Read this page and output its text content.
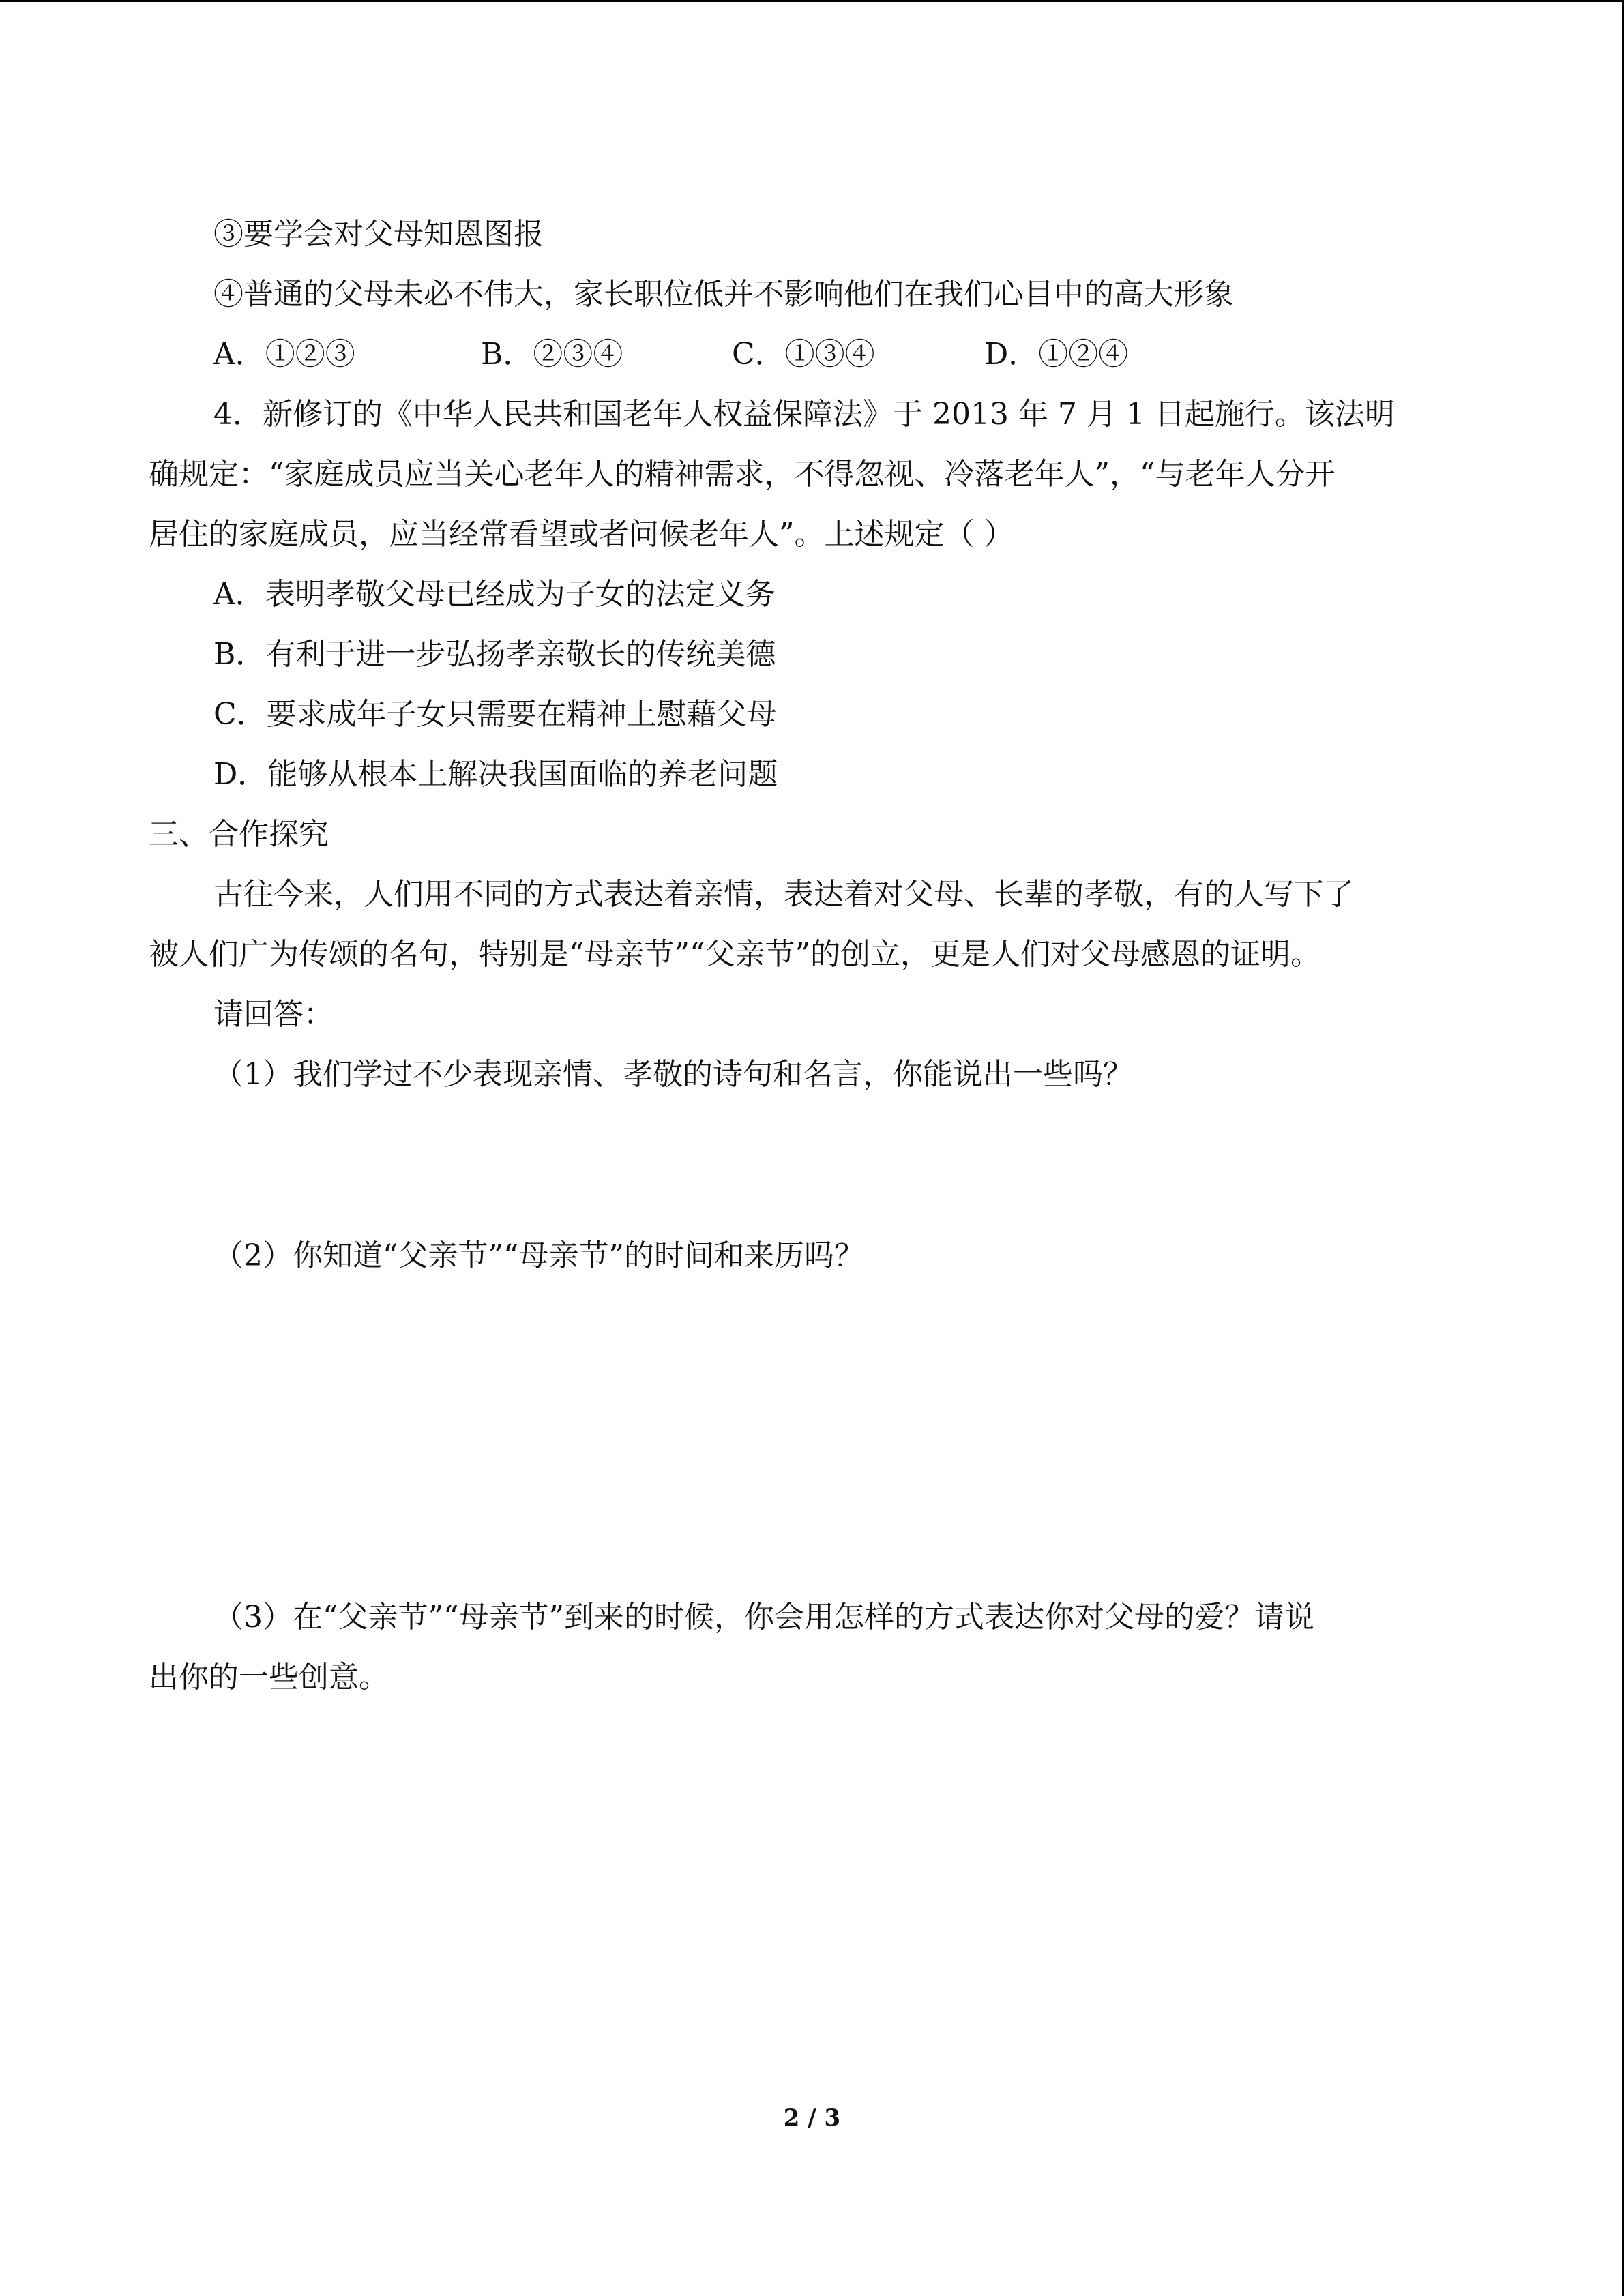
③要学会对父母知恩图报
④普通的父母未必不伟大，家长职位低并不影响他们在我们心目中的高大形象
A．①②③	B．②③④	C．①③④	D．①②④
4．新修订的《中华人民共和国老年人权益保障法》于 2013 年 7 月 1 日起施行。该法明
确规定：“家庭成员应当关心老年人的精神需求，不得忽视、冷落老年人”，“与老年人分开
居住的家庭成员，应当经常看望或者问候老年人”。上述规定（ ）
A．表明孝敬父母已经成为子女的法定义务
B．有利于进一步弘扬孝亲敬长的传统美德
C．要求成年子女只需要在精神上慰藉父母
D．能够从根本上解决我国面临的养老问题
三、合作探究
古往今来，人们用不同的方式表达着亲情，表达着对父母、长辈的孝敬，有的人写下了
被人们广为传颂的名句，特别是“母亲节”“父亲节”的创立，更是人们对父母感恩的证明。
请回答：
（1）我们学过不少表现亲情、孝敬的诗句和名言，你能说出一些吗？
（2）你知道“父亲节”“母亲节”的时间和来历吗？
（3）在“父亲节”“母亲节”到来的时候，你会用怎样的方式表达你对父母的爱？请说
出你的一些创意。
2 / 3
